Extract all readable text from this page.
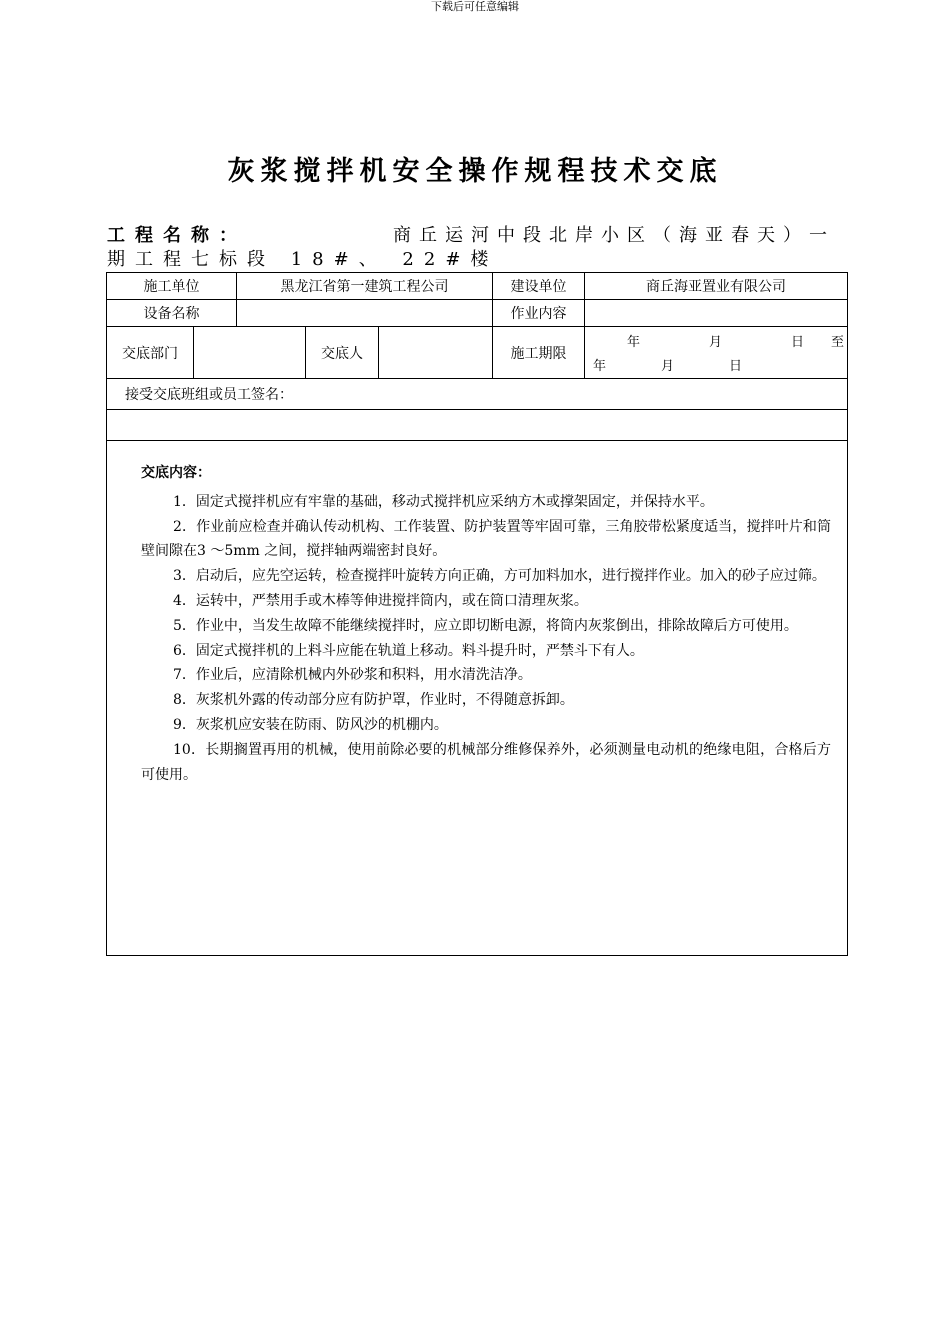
下载后可任意编辑
灰浆搅拌机安全操作规程技术交底
工程名称：	商丘运河中段北岸小区（海亚春天）一
期工程七标段 18#、 22#楼
施工单位	黑龙江省第一建筑工程公司	建设单位	商丘海亚置业有限公司
设备名称	作业内容
交底部门	交底人	施工期限
年	月	日 至
年	月	日
接受交底班组或员工签名：
交底内容：

1．固定式搅拌机应有牢靠的基础，移动式搅拌机应采纳方木或撑架固定，并保持水平。

2．作业前应检查并确认传动机构、工作装置、防护装置等牢固可靠，三角胶带松紧度适当，搅拌叶片和筒壁间隙在3 ～5mm 之间，搅拌轴两端密封良好。

3．启动后，应先空运转，检查搅拌叶旋转方向正确，方可加料加水，进行搅拌作业。加入的砂子应过筛。

4．运转中，严禁用手或木棒等伸进搅拌筒内，或在筒口清理灰浆。

5．作业中，当发生故障不能继续搅拌时，应立即切断电源，将筒内灰浆倒出，排除故障后方可使用。

6．固定式搅拌机的上料斗应能在轨道上移动。料斗提升时，严禁斗下有人。

7．作业后，应清除机械内外砂浆和积料，用水清洗洁净。

8．灰浆机外露的传动部分应有防护罩，作业时，不得随意拆卸。

9．灰浆机应安装在防雨、防风沙的机棚内。

10．长期搁置再用的机械，使用前除必要的机械部分维修保养外，必须测量电动机的绝缘电阻，合格后方可使用。
